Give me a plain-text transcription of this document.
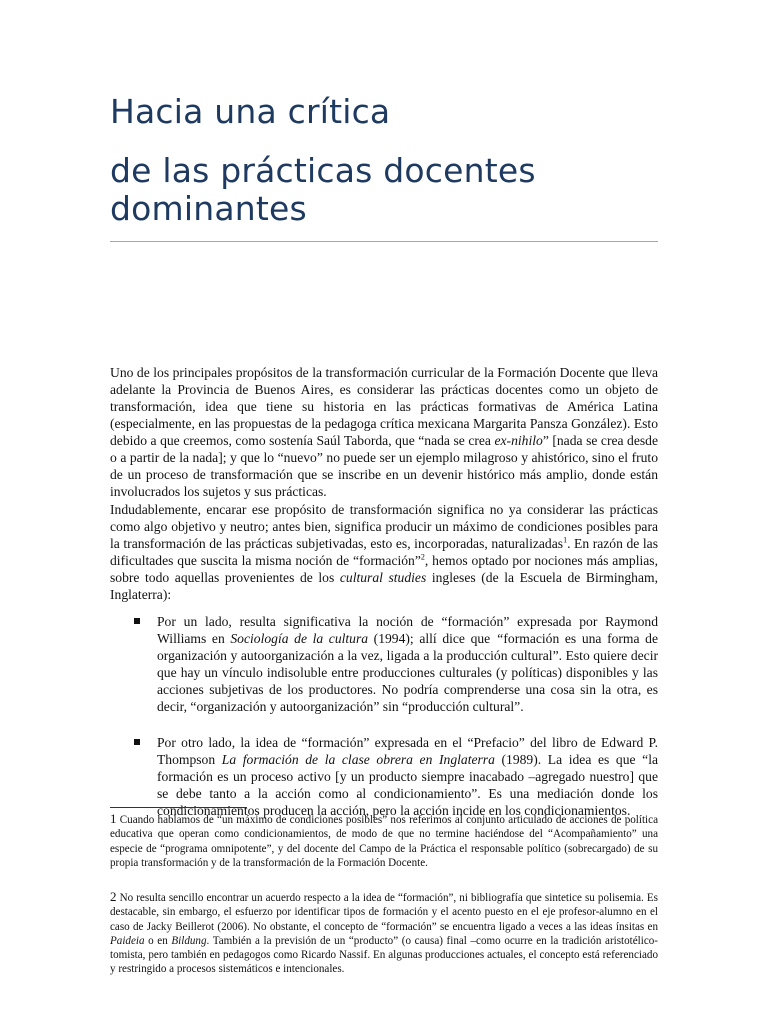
Hacia una crítica
de las prácticas docentes dominantes

Uno de los principales propósitos de la transformación curricular de la Formación Docente que lleva adelante la Provincia de Buenos Aires, es considerar las prácticas docentes como un objeto de transformación, idea que tiene su historia en las prácticas formativas de América Latina (especialmente, en las propuestas de la pedagoga crítica mexicana Margarita Pansza González). Esto debido a que creemos, como sostenía Saúl Taborda, que “nada se crea ex-nihilo” [nada se crea desde o a partir de la nada]; y que lo “nuevo” no puede ser un ejemplo milagroso y ahistórico, sino el fruto de un proceso de transformación que se inscribe en un devenir histórico más amplio, donde están involucrados los sujetos y sus prácticas.

Indudablemente, encarar ese propósito de transformación significa no ya considerar las prácticas como algo objetivo y neutro; antes bien, significa producir un máximo de condiciones posibles para la transformación de las prácticas subjetivadas, esto es, incorporadas, naturalizadas$^1$. En razón de las dificultades que suscita la misma noción de “formación”$^2$, hemos optado por nociones más amplias, sobre todo aquellas provenientes de los cultural studies ingleses (de la Escuela de Birmingham, Inglaterra):

Por un lado, resulta significativa la noción de “formación” expresada por Raymond Williams en Sociología de la cultura (1994); allí dice que “formación es una forma de organización y autoorganización a la vez, ligada a la producción cultural”. Esto quiere decir que hay un vínculo indisoluble entre producciones culturales (y políticas) disponibles y las acciones subjetivas de los productores. No podría comprenderse una cosa sin la otra, es decir, “organización y autoorganización” sin “producción cultural”.
Por otro lado, la idea de “formación” expresada en el “Prefacio” del libro de Edward P. Thompson La formación de la clase obrera en Inglaterra (1989). La idea es que “la formación es un proceso activo [y un producto siempre inacabado –agregado nuestro] que se debe tanto a la acción como al condicionamiento”. Es una mediación donde los condicionamientos producen la acción, pero la acción incide en los condicionamientos.

1 Cuando hablamos de “un máximo de condiciones posibles” nos referimos al conjunto articulado de acciones de política educativa que operan como condicionamientos, de modo de que no termine haciéndose del “Acompañamiento” una especie de “programa omnipotente”, y del docente del Campo de la Práctica el responsable político (sobrecargado) de su propia transformación y de la transformación de la Formación Docente.

2 No resulta sencillo encontrar un acuerdo respecto a la idea de “formación”, ni bibliografía que sintetice su polisemia. Es destacable, sin embargo, el esfuerzo por identificar tipos de formación y el acento puesto en el eje profesor-alumno en el caso de Jacky Beillerot (2006). No obstante, el concepto de “formación” se encuentra ligado a veces a las ideas ínsitas en Paideia o en Bildung. También a la previsión de un “producto” (o causa) final –como ocurre en la tradición aristotélico-tomista, pero también en pedagogos como Ricardo Nassif. En algunas producciones actuales, el concepto está referenciado y restringido a procesos sistemáticos e intencionales.
